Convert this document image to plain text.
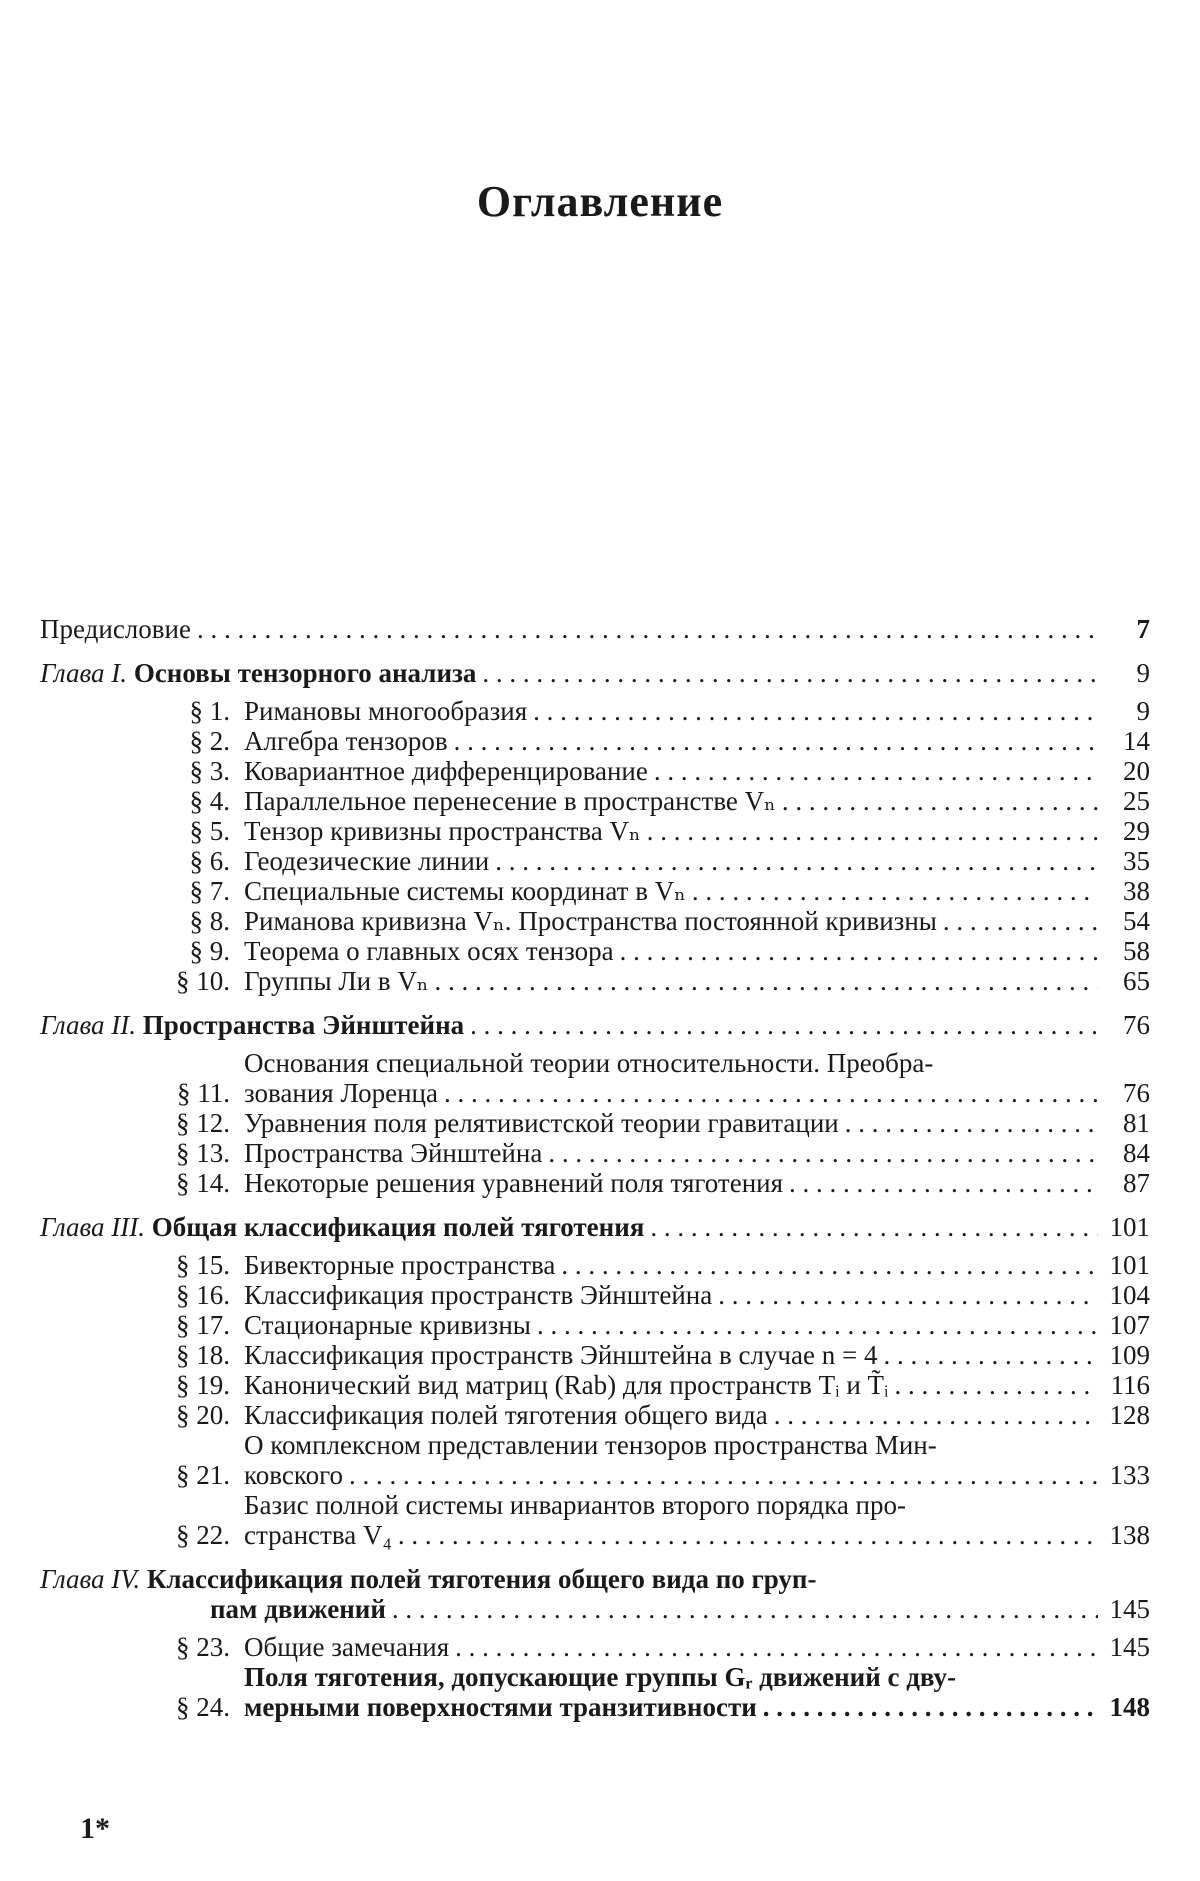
Оглавление
Предисловие . . .	7
Глава I. Основы тензорного анализа . . .	9
§ 1. Римановы многообразия . . .	9
§ 2. Алгебра тензоров . . .	14
§ 3. Ковариантное дифференцирование . . .	20
§ 4. Параллельное перенесение в пространстве Vₙ . . .	25
§ 5. Тензор кривизны пространства Vₙ . . .	29
§ 6. Геодезические линии . . .	35
§ 7. Специальные системы координат в Vₙ . . .	38
§ 8. Риманова кривизна Vₙ. Пространства постоянной кривизны . . .	54
§ 9. Теорема о главных осях тензора . . .	58
§ 10. Группы Ли в Vₙ . . .	65
Глава II. Пространства Эйнштейна . . .	76
§ 11.
Основания специальной теории относительности. Преобра-
зования Лоренца . . .	76
§ 12. Уравнения поля релятивистской теории гравитации . . .	81
§ 13. Пространства Эйнштейна . . .	84
§ 14. Некоторые решения уравнений поля тяготения . . .	87
Глава III. Общая классификация полей тяготения . . .	101
§ 15. Бивекторные пространства . . .	101
§ 16. Классификация пространств Эйнштейна . . .	104
§ 17. Стационарные кривизны . . .	107
§ 18. Классификация пространств Эйнштейна в случае n = 4 . . .	109
§ 19. Канонический вид матриц (Rab) для пространств Tᵢ и T̃ᵢ . . .	116
§ 20. Классификация полей тяготения общего вида . . .	128
§ 21.
О комплексном представлении тензоров пространства Мин-
ковского . . .	133
§ 22.
Базис полной системы инвариантов второго порядка про-
странства V₄ . . .	138
Глава IV. Классификация полей тяготения общего вида по груп-
пам движений . . .	145
§ 23. Общие замечания . . .	145
§ 24.
Поля тяготения, допускающие группы Gᵣ движений с дву-
мерными поверхностями транзитивности . . .	148
1*
